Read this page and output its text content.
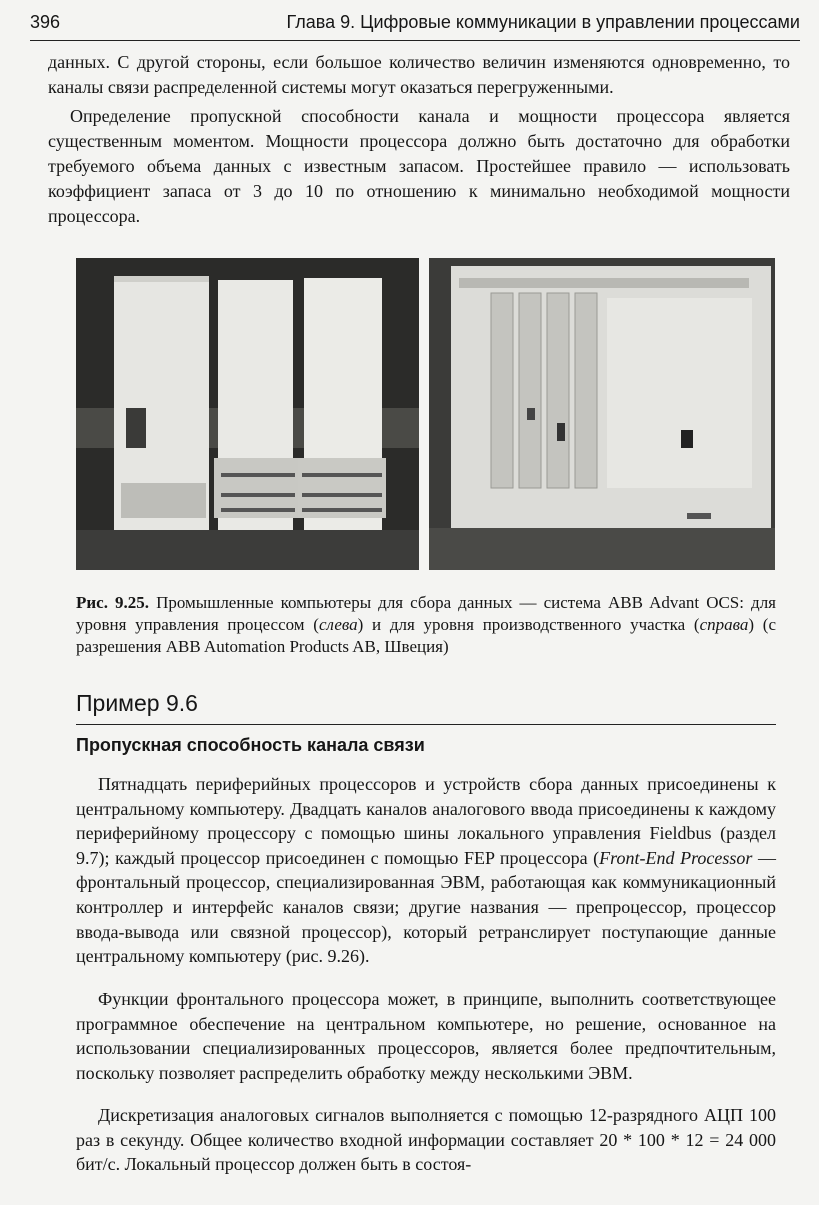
396	Глава 9. Цифровые коммуникации в управлении процессами

данных. С другой стороны, если большое количество величин изменяются одновременно, то каналы связи распределенной системы могут оказаться перегруженными.

Определение пропускной способности канала и мощности процессора является существенным моментом. Мощности процессора должно быть достаточно для обработки требуемого объема данных с известным запасом. Простейшее правило — использовать коэффициент запаса от 3 до 10 по отношению к минимально необходимой мощности процессора.

Рис. 9.25. Промышленные компьютеры для сбора данных — система ABB Advant OCS: для уровня управления процессом (слева) и для уровня производственного участка (справа) (с разрешения ABB Automation Products AB, Швеция)

Пример 9.6
Пропускная способность канала связи

Пятнадцать периферийных процессоров и устройств сбора данных присоединены к центральному компьютеру. Двадцать каналов аналогового ввода присоединены к каждому периферийному процессору с помощью шины локального управления Fieldbus (раздел 9.7); каждый процессор присоединен с помощью FEP процессора (Front-End Processor — фронтальный процессор, специализированная ЭВМ, работающая как коммуникационный контроллер и интерфейс каналов связи; другие названия — препроцессор, процессор ввода-вывода или связной процессор), который ретранслирует поступающие данные центральному компьютеру (рис. 9.26).

Функции фронтального процессора может, в принципе, выполнить соответствующее программное обеспечение на центральном компьютере, но решение, основанное на использовании специализированных процессоров, является более предпочтительным, поскольку позволяет распределить обработку между несколькими ЭВМ.

Дискретизация аналоговых сигналов выполняется с помощью 12-разрядного АЦП 100 раз в секунду. Общее количество входной информации составляет 20 * 100 * 12 = 24 000 бит/с. Локальный процессор должен быть в состоя-
